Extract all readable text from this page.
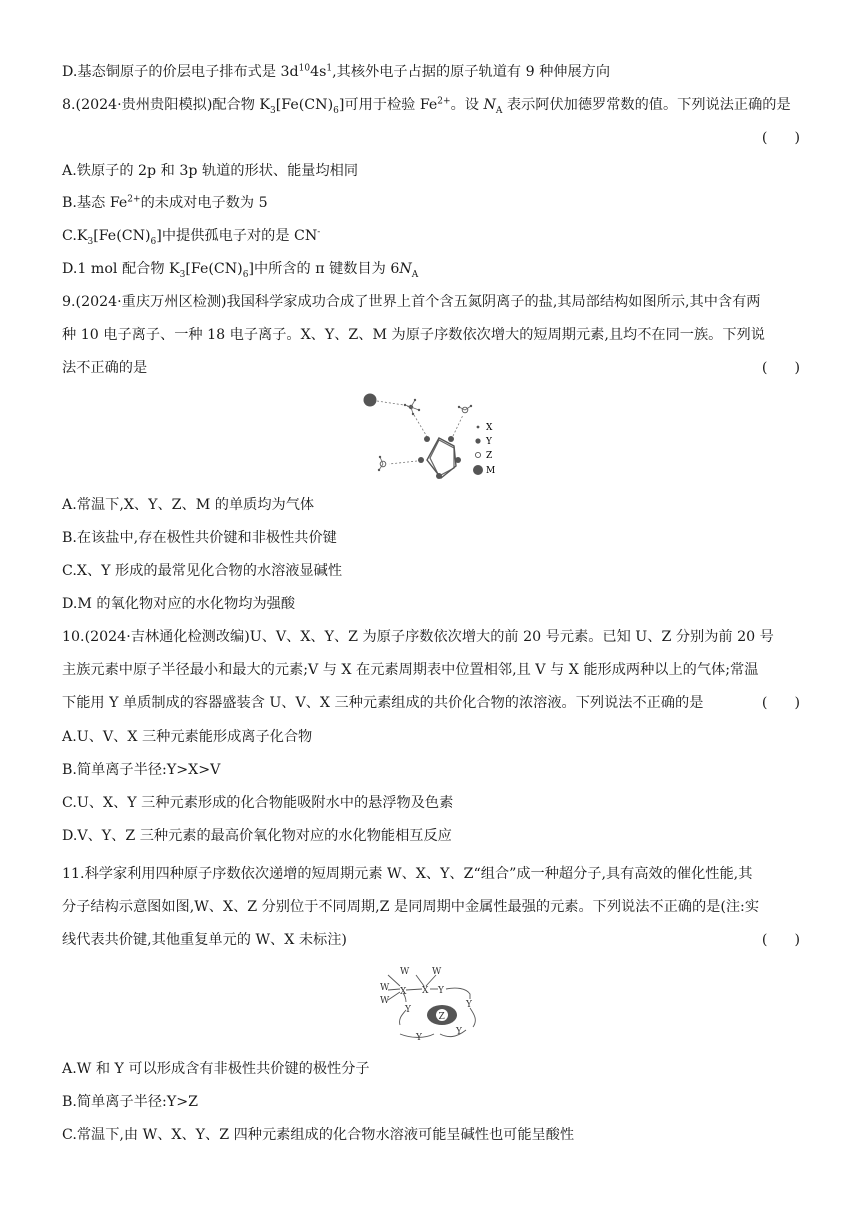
D.基态铜原子的价层电子排布式是 $3d^{10}4s^1$,其核外电子占据的原子轨道有 9 种伸展方向
8.(2024·贵州贵阳模拟)配合物 $K_3[Fe(CN)_6]$可用于检验 $Fe^{2+}$。设 $N_A$ 表示阿伏加德罗常数的值。下列说法正确的是
(      )
A.铁原子的 2p 和 3p 轨道的形状、能量均相同
B.基态 $Fe^{2+}$的未成对电子数为 5
$C.K_3[Fe(CN)_6]$中提供孤电子对的是 CN-
D.1 mol 配合物 $K_3[Fe(CN)_6]$中所含的 π 键数目为 $6N_A$
9.(2024·重庆万州区检测)我国科学家成功合成了世界上首个含五氮阴离子的盐,其局部结构如图所示,其中含有两
种 10 电子离子、一种 18 电子离子。X、Y、Z、M 为原子序数依次增大的短周期元素,且均不在同一族。下列说
法不正确的是	(      )
X
Y
Z
M
A.常温下,X、Y、Z、M 的单质均为气体
B.在该盐中,存在极性共价键和非极性共价键
C.X、Y 形成的最常见化合物的水溶液显碱性
D.M 的氧化物对应的水化物均为强酸
10.(2024·吉林通化检测改编)U、V、X、Y、Z 为原子序数依次增大的前 20 号元素。已知 U、Z 分别为前 20 号
主族元素中原子半径最小和最大的元素;V 与 X 在元素周期表中位置相邻,且 V 与 X 能形成两种以上的气体;常温
下能用 Y 单质制成的容器盛装含 U、V、X 三种元素组成的共价化合物的浓溶液。下列说法不正确的是	(      )
A.U、V、X 三种元素能形成离子化合物
B.简单离子半径:Y>X>V
C.U、X、Y 三种元素形成的化合物能吸附水中的悬浮物及色素
D.V、Y、Z 三种元素的最高价氧化物对应的水化物能相互反应
11.科学家利用四种原子序数依次递增的短周期元素 W、X、Y、Z“组合”成一种超分子,具有高效的催化性能,其
分子结构示意图如图,W、X、Z 分别位于不同周期,Z 是同周期中金属性最强的元素。下列说法不正确的是(注:实
线代表共价键,其他重复单元的 W、X 未标注)	(      )
Z
W	W
W
W
X X Y
Y
Y
Y
Y
A.W 和 Y 可以形成含有非极性共价键的极性分子
B.简单离子半径:Y>Z
C.常温下,由 W、X、Y、Z 四种元素组成的化合物水溶液可能呈碱性也可能呈酸性
